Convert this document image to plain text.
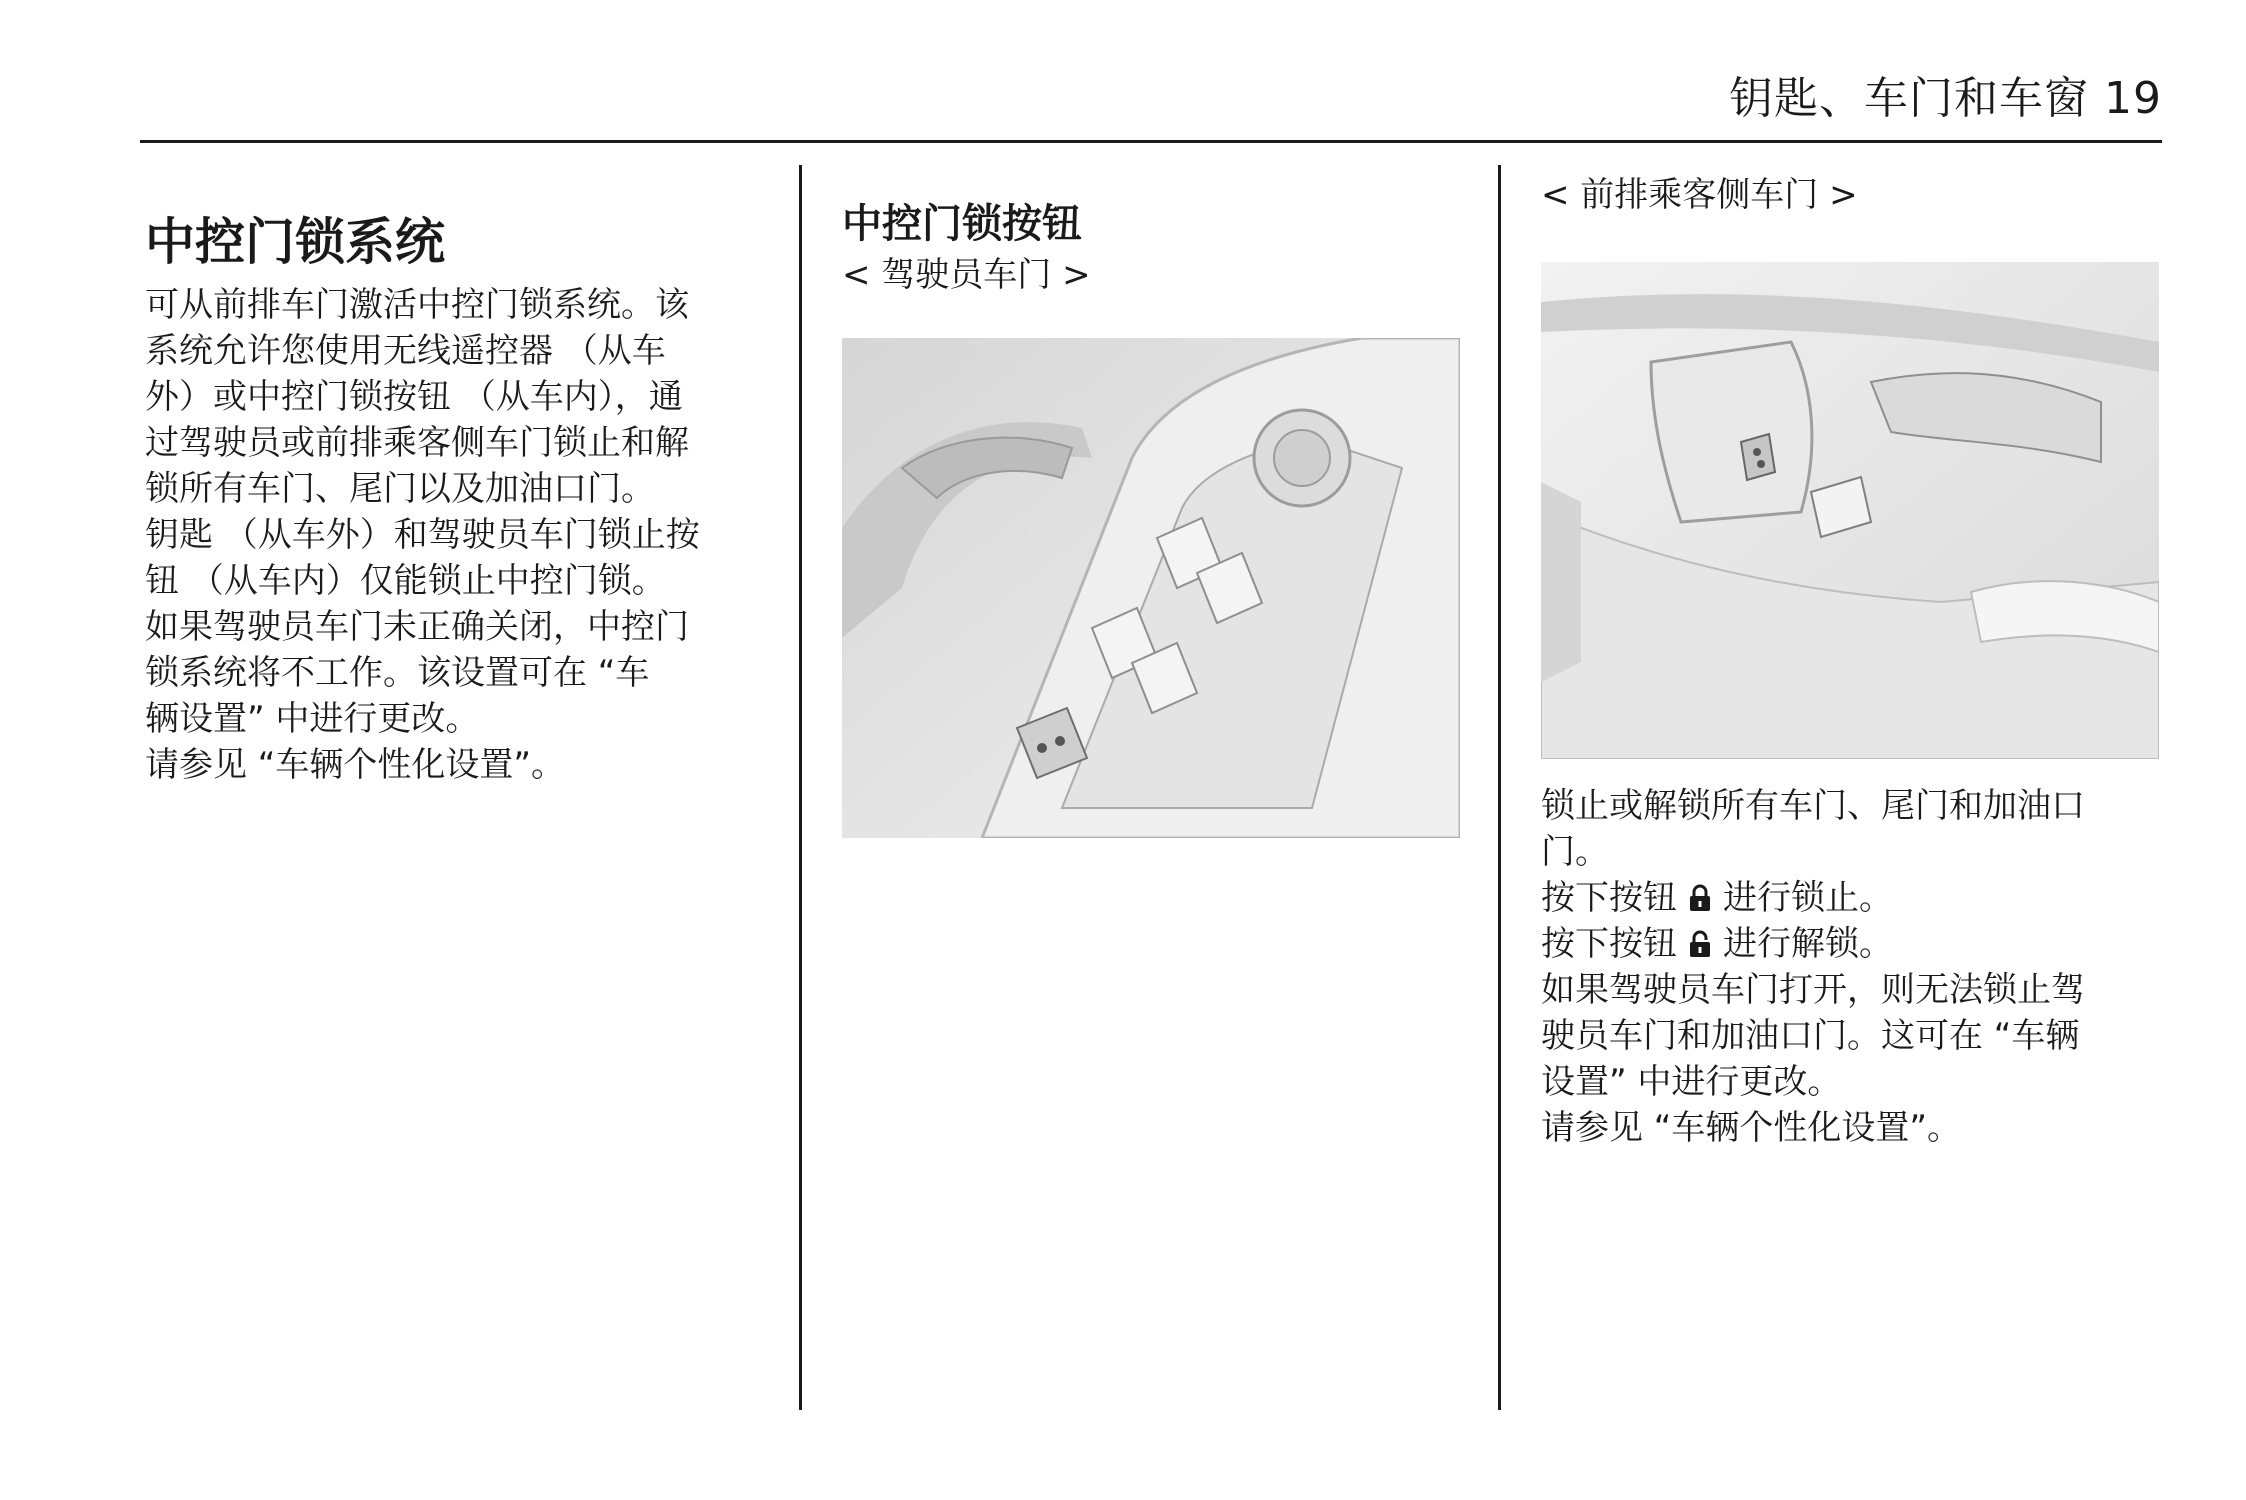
钥匙、车门和车窗 19
中控门锁系统

可从前排车门激活中控门锁系统。该

系统允许您使用无线遥控器 （从车

外）或中控门锁按钮 （从车内），通

过驾驶员或前排乘客侧车门锁止和解

锁所有车门、尾门以及加油口门。

钥匙 （从车外）和驾驶员车门锁止按

钮 （从车内）仅能锁止中控门锁。

如果驾驶员车门未正确关闭，中控门

锁系统将不工作。该设置可在 “车

辆设置” 中进行更改。

请参见 “车辆个性化设置”。

中控门锁按钮

< 驾驶员车门 >

< 前排乘客侧车门 >

锁止或解锁所有车门、尾门和加油口

门。

按下按钮 进行锁止。

按下按钮 进行解锁。

如果驾驶员车门打开，则无法锁止驾

驶员车门和加油口门。这可在 “车辆

设置” 中进行更改。

请参见 “车辆个性化设置”。
